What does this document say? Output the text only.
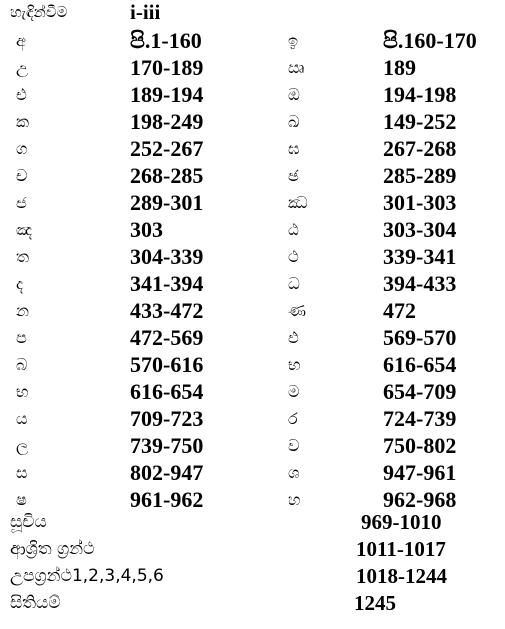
හැඳින්වීම	i-iii
අ	පි.1-160	ඉ	පි.160-170
උ	170-189	ඍ	189
එ	189-194	ඔ	194-198
ක	198-249	ඛ	149-252
ග	252-267	ඝ	267-268
ච	268-285	ඡ	285-289
ජ	289-301	ඣ	301-303
ඤ	303	ඨ	303-304
ත	304-339	ථ	339-341
ද	341-394	ධ	394-433
න	433-472	ණ	472
ප	472-569	ඵ	569-570
බ	570-616	භ	616-654
භ	616-654	ම	654-709
ය	709-723	ර	724-739
ල	739-750	ව	750-802
ස	802-947	ශ	947-961
ෂ	961-962	හ	962-968
සූචිය	969-1010
ආශ්‍රිත ග්‍රන්ථ	1011-1017
උපග්‍රන්ථ1,2,3,4,5,6	1018-1244
සිතියම්	1245
